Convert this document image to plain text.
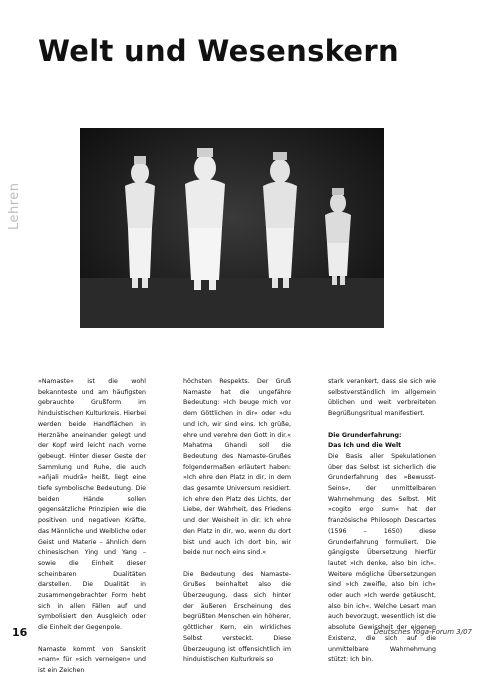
Welt und Wesenskern
Lehren

»Namaste« ist die wohl bekannteste und am häufigsten gebrauchte Grußform im hinduistischen Kulturkreis. Hierbei werden beide Handflächen in Herznähe aneinander gelegt und der Kopf wird leicht nach vorne gebeugt. Hinter dieser Geste der Sammlung und Ruhe, die auch »añjali mudrā« heißt, liegt eine tiefe symbolische Bedeutung. Die beiden Hände sollen gegensätzliche Prinzipien wie die positiven und negativen Kräfte, das Männliche und Weibliche oder Geist und Materie – ähnlich dem chinesischen Ying und Yang – sowie die Einheit dieser scheinbaren Dualitäten darstellen. Die Dualität in zusammengebrachter Form hebt sich in allen Fällen auf und symbolisiert den Ausgleich oder die Einheit der Gegenpole.

Namaste kommt von Sanskrit »nam« für »sich verneigen« und ist ein Zeichen

höchsten Respekts. Der Gruß Namaste hat die ungefähre Bedeutung: »Ich beuge mich vor dem Göttlichen in dir« oder »du und ich, wir sind eins. Ich grüße, ehre und verehre den Gott in dir.« Mahatma Ghandi soll die Bedeutung des Namaste-Grußes folgendermaßen erläutert haben: »Ich ehre den Platz in dir, in dem das gesamte Universum residiert. Ich ehre den Platz des Lichts, der Liebe, der Wahrheit, des Friedens und der Weisheit in dir. Ich ehre den Platz in dir, wo, wenn du dort bist und auch ich dort bin, wir beide nur noch eins sind.«

Die Bedeutung des Namaste-Grußes beinhaltet also die Überzeugung, dass sich hinter der äußeren Erscheinung des begrüßten Menschen ein höherer, göttlicher Kern, ein wirkliches Selbst versteckt. Diese Überzeugung ist offensichtlich im hinduistischen Kulturkreis so

stark verankert, dass sie sich wie selbstverständlich im allgemein üblichen und weit verbreiteten Begrüßungsritual manifestiert.

Die Grunderfahrung:
Das Ich und die Welt

Die Basis aller Spekulationen über das Selbst ist sicherlich die Grunderfahrung des »Bewusst-Seins«, der unmittelbaren Wahrnehmung des Selbst. Mit »cogito ergo sum« hat der französische Philosoph Descartes (1596 – 1650) diese Grunderfahrung formuliert. Die gängigste Übersetzung hierfür lautet »Ich denke, also bin ich«. Weitere mögliche Übersetzungen sind »Ich zweifle, also bin ich« oder auch »Ich werde getäuscht, also bin ich«. Welche Lesart man auch bevorzugt, wesentlich ist die absolute Gewissheit der eigenen Existenz, die sich auf die unmittelbare Wahrnehmung stützt: Ich bin.

16	Deutsches Yoga-Forum 3/07
